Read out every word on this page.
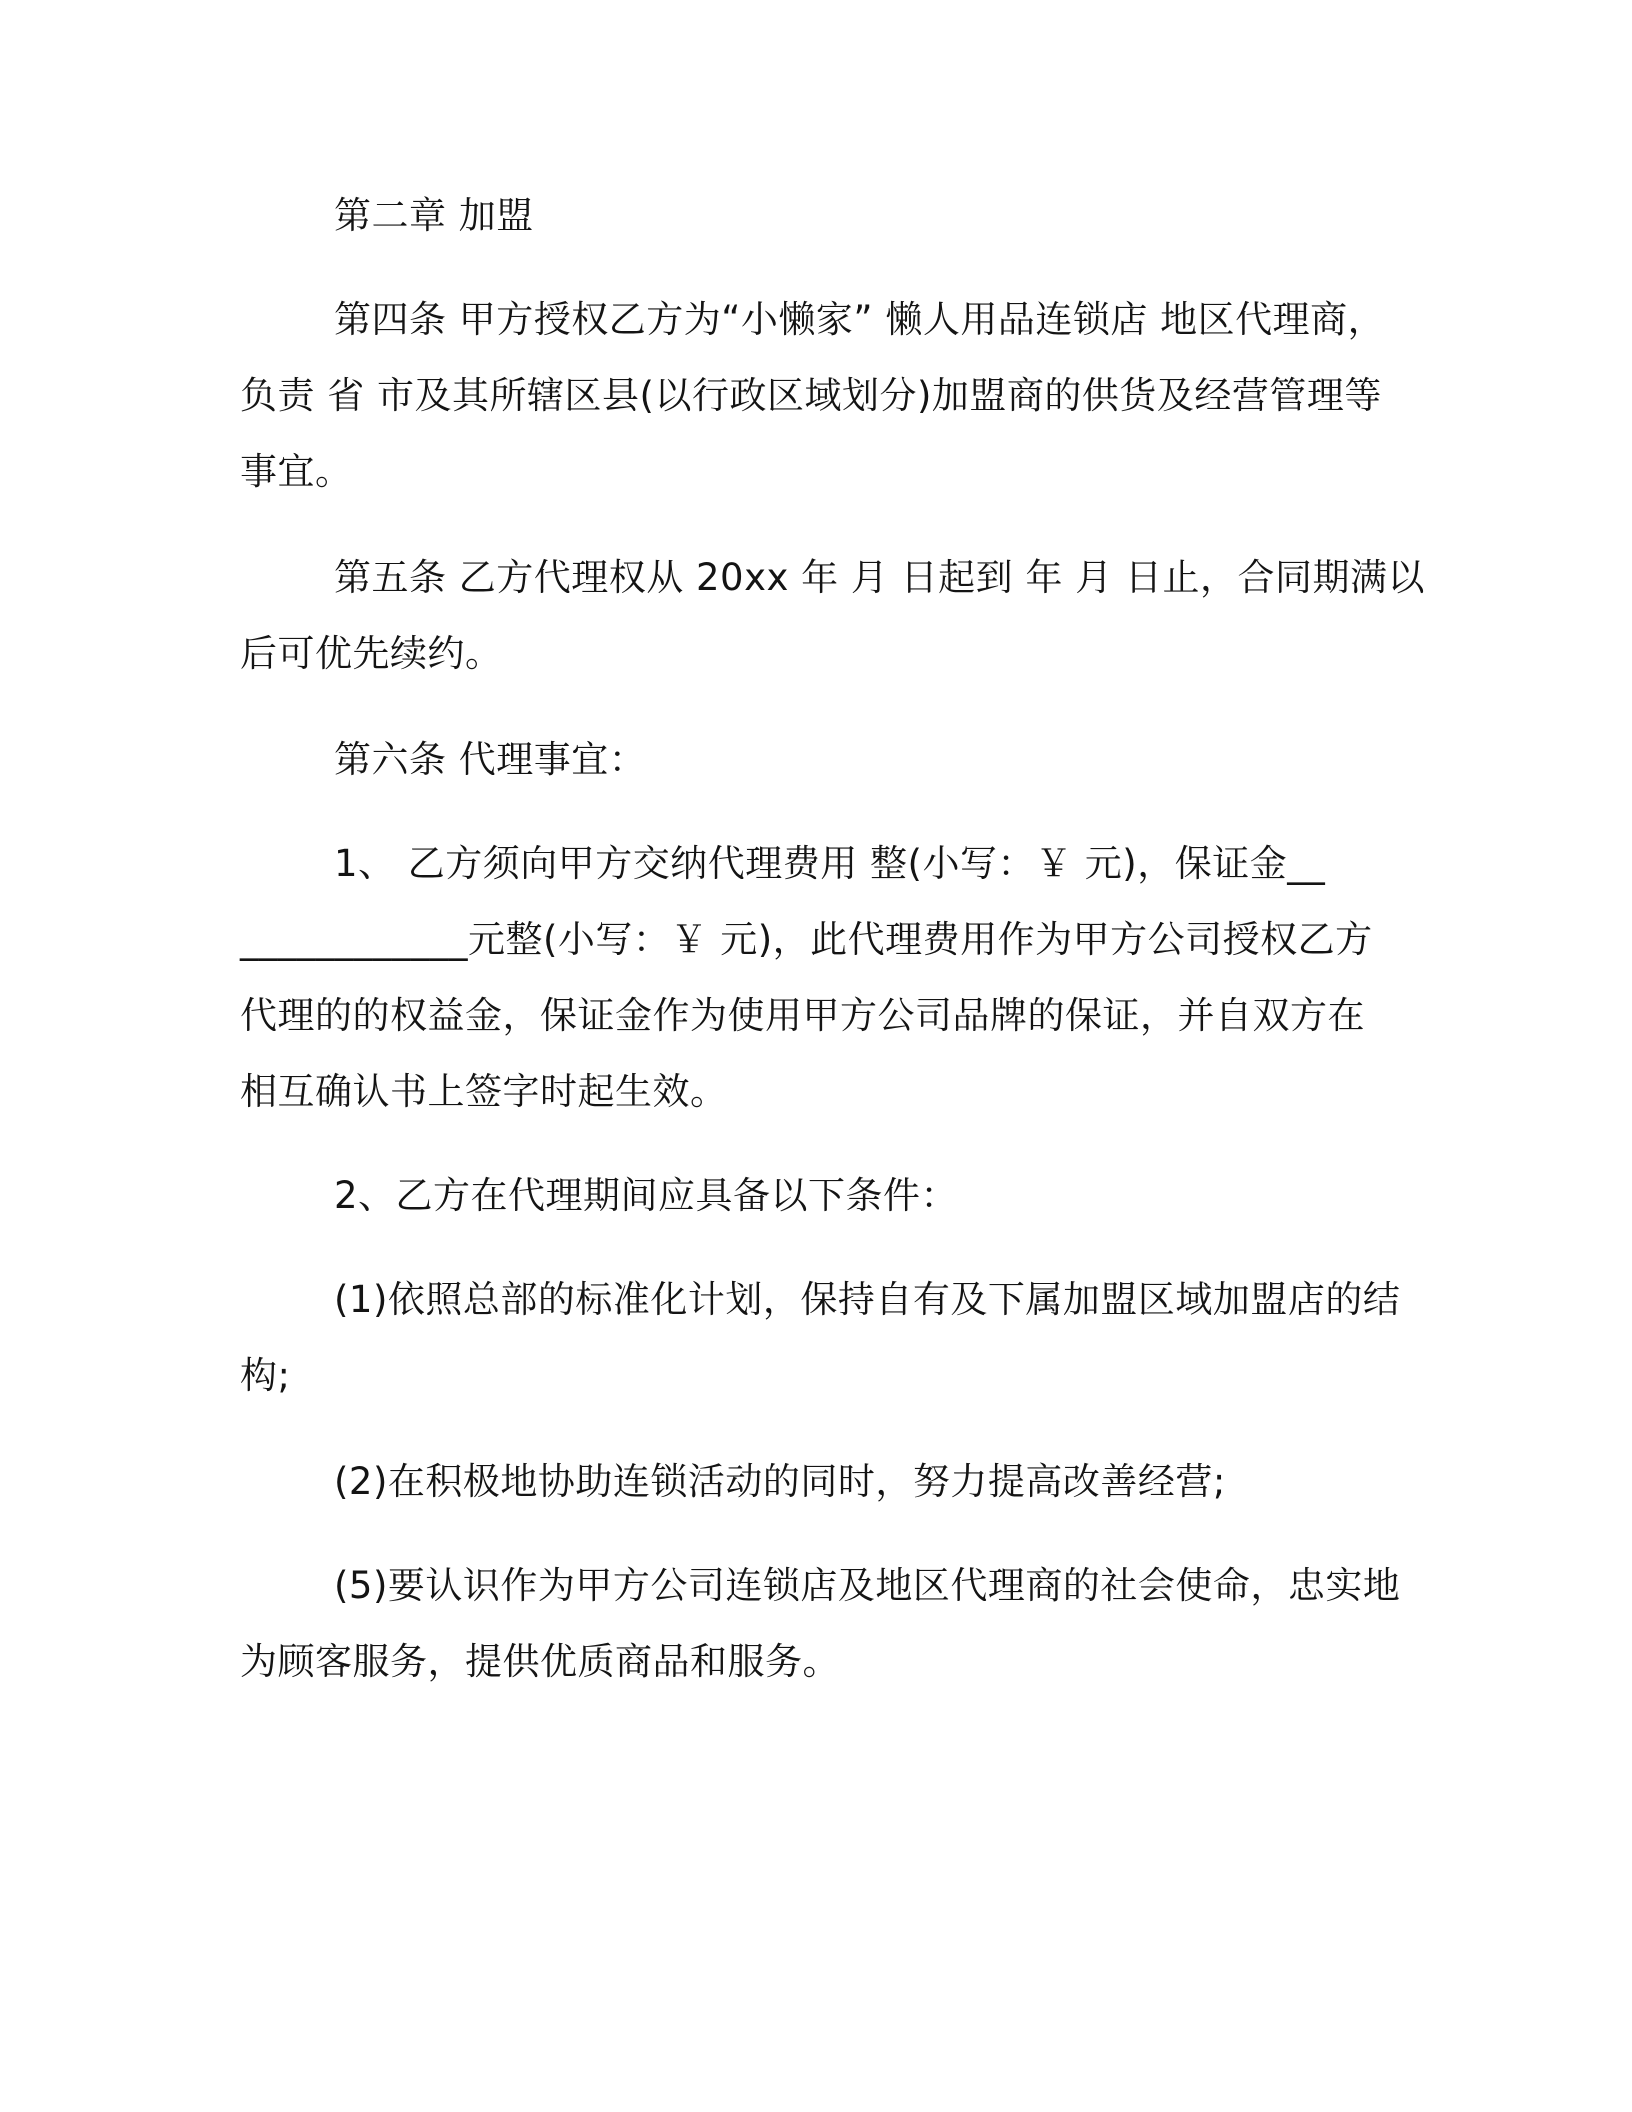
第二章 加盟
第四条 甲方授权乙方为“小懒家” 懒人用品连锁店 地区代理商，
负责 省 市及其所辖区县(以行政区域划分)加盟商的供货及经营管理等
事宜。
第五条 乙方代理权从 20xx 年 月 日起到 年 月 日止，合同期满以
后可优先续约。
第六条 代理事宜：
1、 乙方须向甲方交纳代理费用 整(小写：￥ 元)，保证金__
____________元整(小写：￥ 元)，此代理费用作为甲方公司授权乙方
代理的的权益金，保证金作为使用甲方公司品牌的保证，并自双方在
相互确认书上签字时起生效。
2、乙方在代理期间应具备以下条件：
(1)依照总部的标准化计划，保持自有及下属加盟区域加盟店的结
构;
(2)在积极地协助连锁活动的同时，努力提高改善经营;
(5)要认识作为甲方公司连锁店及地区代理商的社会使命，忠实地
为顾客服务，提供优质商品和服务。
